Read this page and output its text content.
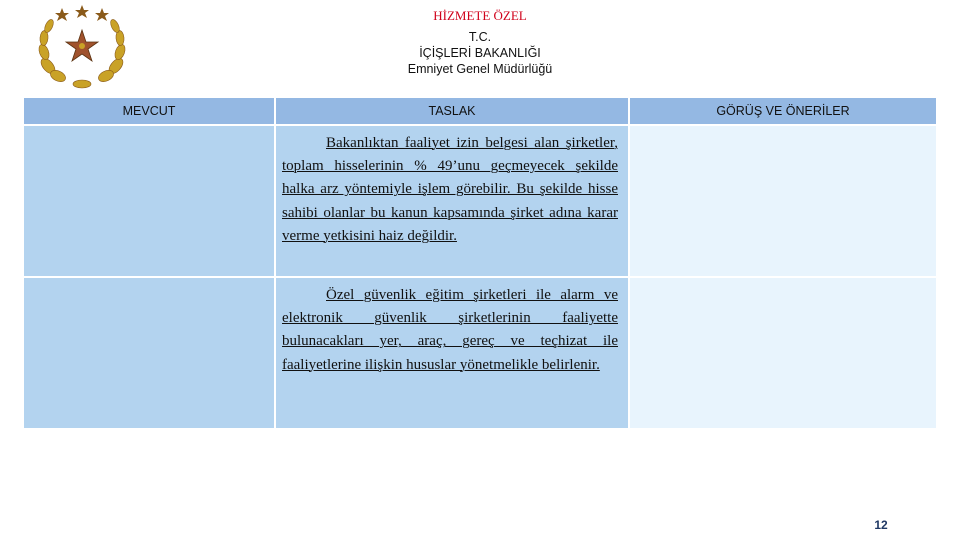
HİZMETE ÖZEL
T.C.
İÇİŞLERİ BAKANLIĞI
Emniyet Genel Müdürlüğü
MEVCUT	TASLAK	GÖRÜŞ VE ÖNERİLER

	Bakanlıktan faaliyet izin belgesi alan şirketler, toplam hisselerinin % 49’unu geçmeyecek şekilde halka arz yöntemiyle işlem görebilir. Bu şekilde hisse sahibi olanlar bu kanun kapsamında şirket adına karar verme yetkisini haiz değildir.	

	Özel güvenlik eğitim şirketleri ile alarm ve elektronik güvenlik şirketlerinin faaliyette bulunacakları yer, araç, gereç ve teçhizat ile faaliyetlerine ilişkin hususlar yönetmelikle belirlenir.	

12
